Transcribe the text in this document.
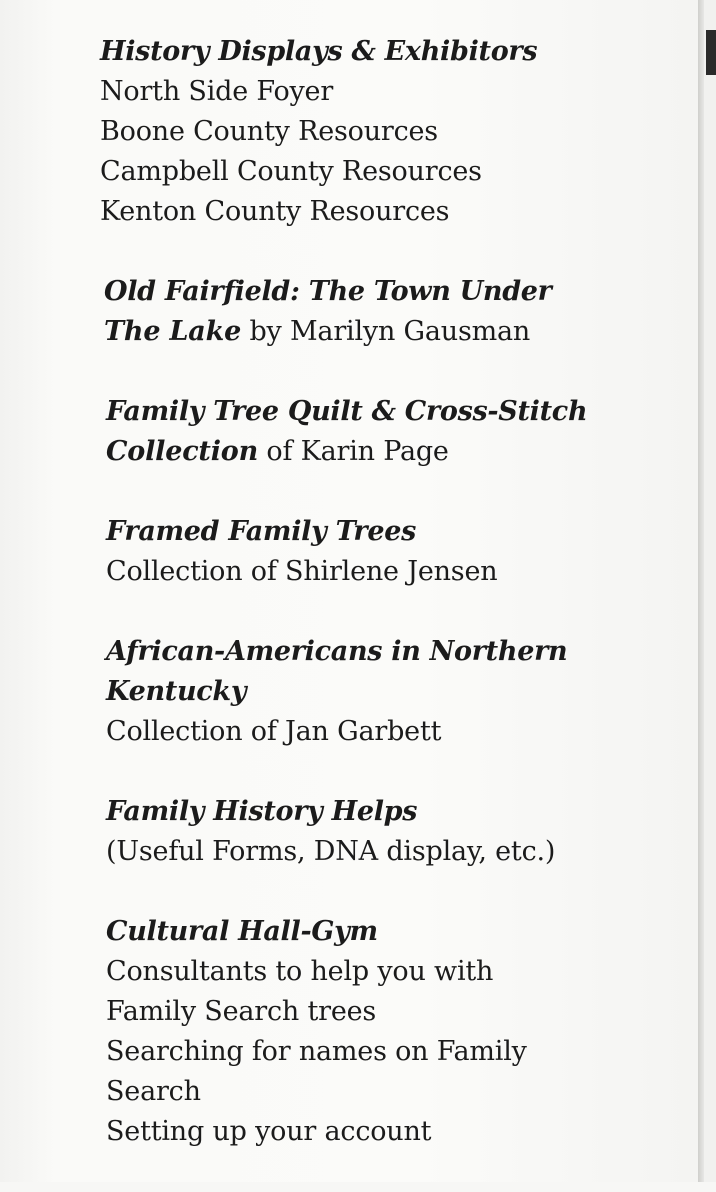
History Displays & Exhibitors
North Side Foyer
Boone County Resources
Campbell County Resources
Kenton County Resources
Old Fairfield: The Town Under
The Lake by Marilyn Gausman
Family Tree Quilt & Cross-Stitch
Collection of Karin Page
Framed Family Trees
Collection of Shirlene Jensen
African-Americans in Northern
Kentucky
Collection of Jan Garbett
Family History Helps
(Useful Forms, DNA display, etc.)
Cultural Hall-Gym
Consultants to help you with
Family Search trees
Searching for names on Family
Search
Setting up your account
